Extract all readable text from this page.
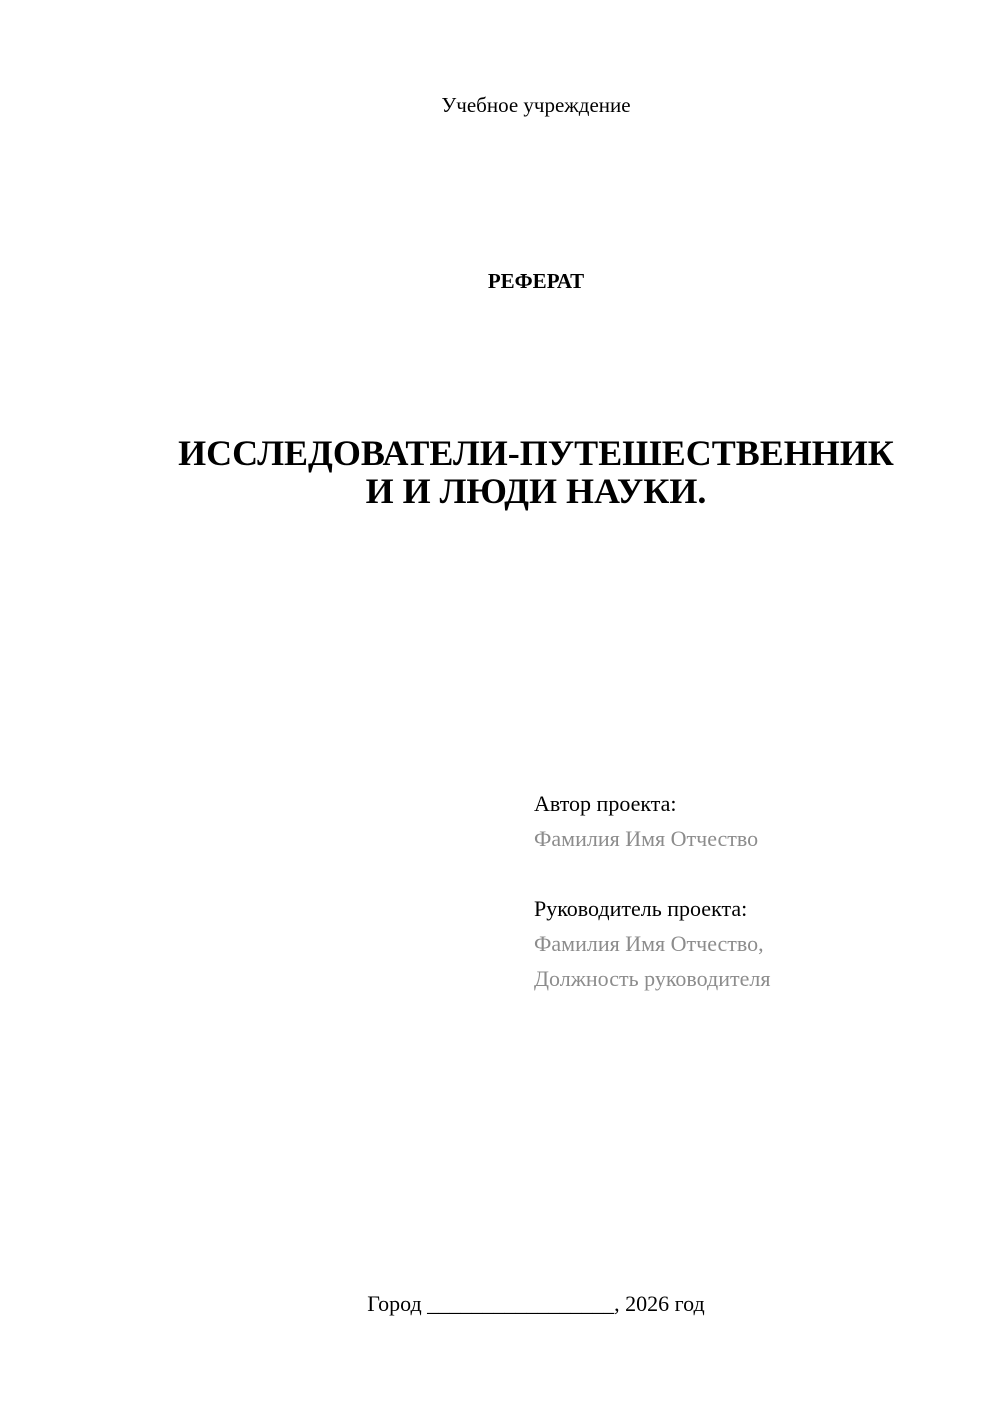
Учебное учреждение
РЕФЕРАТ
ИССЛЕДОВАТЕЛИ-ПУТЕШЕСТВЕННИК
И И ЛЮДИ НАУКИ.
Автор проекта:
Фамилия Имя Отчество
Руководитель проекта:
Фамилия Имя Отчество,
Должность руководителя
Город _________________, 2026 год
